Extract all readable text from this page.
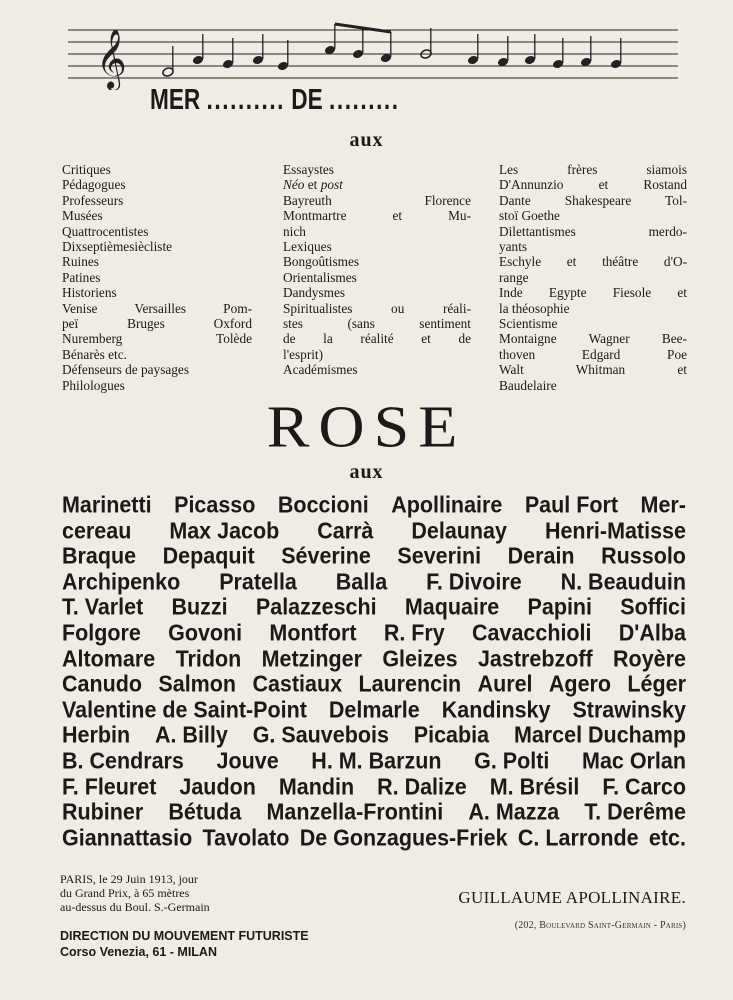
𝄞
MER .......... DE .........
aux
Critiques
Pédagogues
Professeurs
Musées
Quattrocentistes
Dixseptièmesiècliste
Ruines
Patines
Historiens
Venise Versailles Pom-
peï Bruges Oxford
Nuremberg Tolède
Bénarès etc.
Défenseurs de paysages
Philologues
Essaystes
Néo et post
Bayreuth Florence
Montmartre et Mu-
nich
Lexiques
Bongoûtismes
Orientalismes
Dandysmes
Spiritualistes ou réali-
stes (sans sentiment
de la réalité et de
l'esprit)
Académismes
Les frères siamois
D'Annunzio et Rostand
Dante Shakespeare Tol-
stoï Goethe
Dilettantismes merdo-
yants
Eschyle et théâtre d'O-
range
Inde Egypte Fiesole et
la théosophie
Scientisme
Montaigne Wagner Bee-
thoven Edgard Poe
Walt Whitman et
Baudelaire
ROSE
aux
Marinetti Picasso Boccioni Apollinaire Paul Fort Mer-
cereau Max Jacob Carrà Delaunay Henri-Matisse
Braque Depaquit Séverine Severini Derain Russolo
Archipenko Pratella Balla F. Divoire N. Beauduin
T. Varlet Buzzi Palazzeschi Maquaire Papini Soffici
Folgore Govoni Montfort R. Fry Cavacchioli D'Alba
Altomare Tridon Metzinger Gleizes Jastrebzoff Royère
Canudo Salmon Castiaux Laurencin Aurel Agero Léger
Valentine de Saint-Point Delmarle Kandinsky Strawinsky
Herbin A. Billy G. Sauvebois Picabia Marcel Duchamp
B. Cendrars Jouve H. M. Barzun G. Polti Mac Orlan
F. Fleuret Jaudon Mandin R. Dalize M. Brésil F. Carco
Rubiner Bétuda Manzella-Frontini A. Mazza T. Derême
Giannattasio Tavolato De Gonzagues-Friek C. Larronde etc.
PARIS, le 29 Juin 1913, jour
du Grand Prix, à 65 mètres
au-dessus du Boul. S.-Germain
DIRECTION DU MOUVEMENT FUTURISTE
Corso Venezia, 61 - MILAN
GUILLAUME APOLLINAIRE.
(202, Boulevard Saint-Germain - Paris)
